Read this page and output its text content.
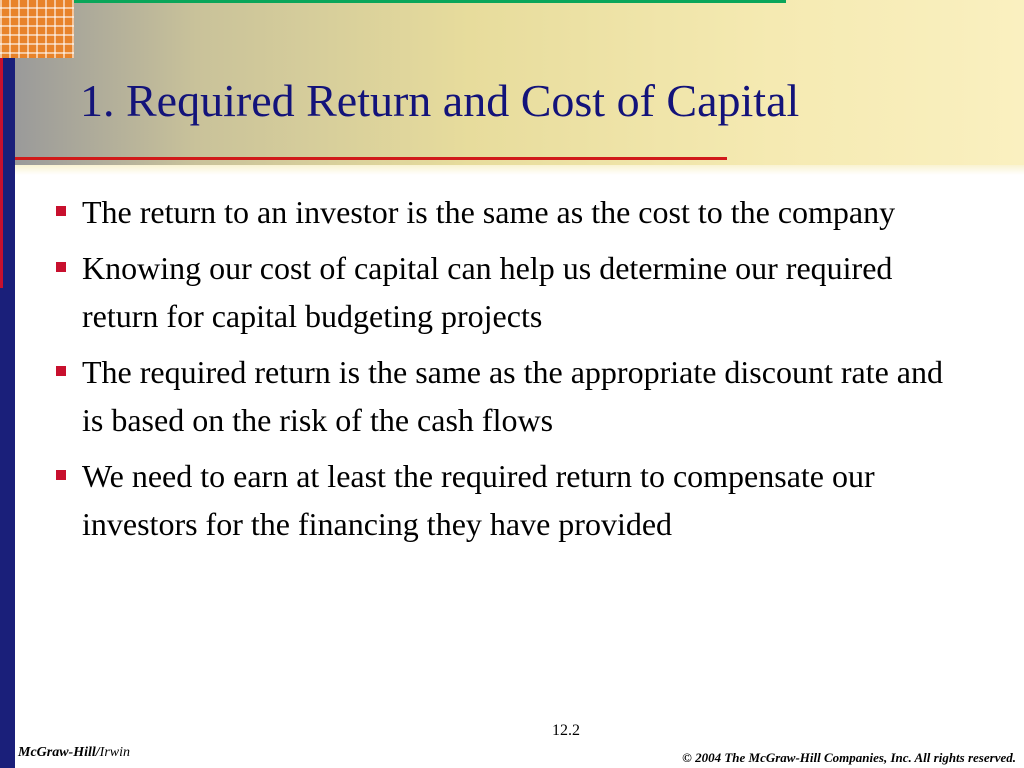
1. Required Return and Cost of Capital
The return to an investor is the same as the cost to the company
Knowing our cost of capital can help us determine our required return for capital budgeting projects
The required return is the same as the appropriate discount rate and is based on the risk of the cash flows
We need to earn at least the required return to compensate our investors for the financing they have provided
12.2
McGraw-Hill/Irwin	© 2004 The McGraw-Hill Companies, Inc. All rights reserved.
